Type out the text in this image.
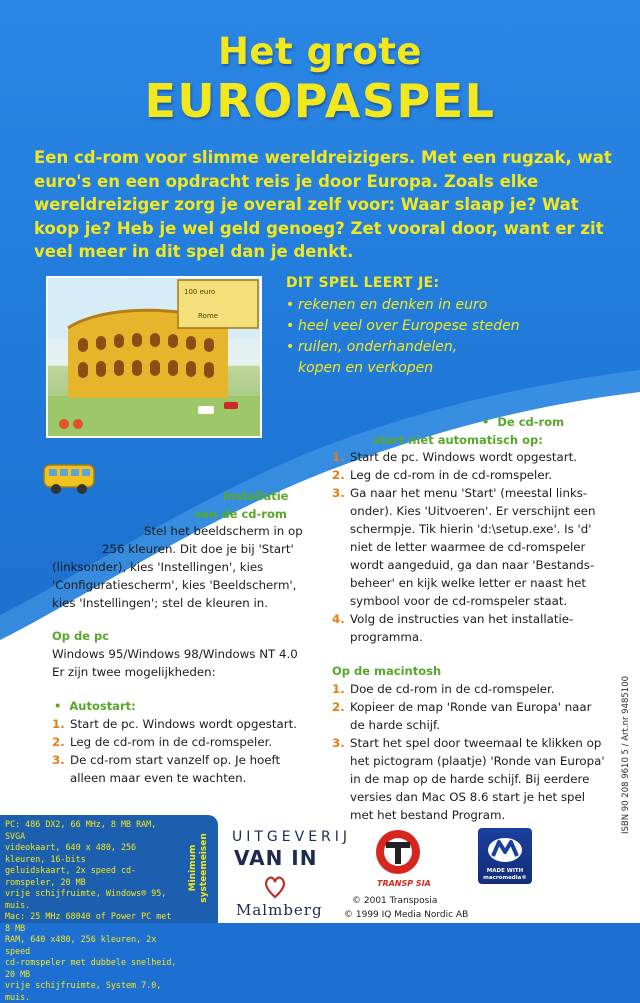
Het grote
EUROPASPEL
Een cd-rom voor slimme wereldreizigers. Met een rugzak, wat euro's en een opdracht reis je door Europa. Zoals elke wereldreiziger zorg je overal zelf voor: Waar slaap je? Wat koop je? Heb je wel geld genoeg? Zet vooral door, want er zit veel meer in dit spel dan je denkt.
100 euro
Rome
DIT SPEL LEERT JE:
• rekenen en denken in euro
• heel veel over Europese steden
• ruilen, onderhandelen,
kopen en verkopen
Installatie
van de cd-rom
Stel het beeldscherm in op
256 kleuren. Dit doe je bij 'Start'
(linksonder), kies 'Instellingen', kies
'Configuratiescherm', kies 'Beeldscherm',
kies 'Instellingen'; stel de kleuren in.
Op de pc
Windows 95/Windows 98/Windows NT 4.0
Er zijn twee mogelijkheden:
•  Autostart:
1. Start de pc. Windows wordt opgestart.
2. Leg de cd-rom in de cd-romspeler.
3. De cd-rom start vanzelf op. Je hoeft
alleen maar even te wachten.
•  De cd-rom
start niet automatisch op:
1. Start de pc. Windows wordt opgestart.
2. Leg de cd-rom in de cd-romspeler.
3. Ga naar het menu 'Start' (meestal links-
onder). Kies 'Uitvoeren'. Er verschijnt een
schermpje. Tik hierin 'd:\setup.exe'. Is 'd'
niet de letter waarmee de cd-romspeler
wordt aangeduid, ga dan naar 'Bestands-
beheer' en kijk welke letter er naast het
symbool voor de cd-romspeler staat.
4. Volg de instructies van het installatie-
programma.
Op de macintosh
1. Doe de cd-rom in de cd-romspeler.
2. Kopieer de map 'Ronde van Europa' naar
de harde schijf.
3. Start het spel door tweemaal te klikken op
het pictogram (plaatje) 'Ronde van Europa'
in de map op de harde schijf. Bij eerdere
versies dan Mac OS 8.6 start je het spel
met het bestand Program.
PC: 486 DX2, 66 MHz, 8 MB RAM, SVGA
videokaart, 640 x 480, 256 kleuren, 16-bits
geluidskaart, 2x speed cd-romspeler, 20 MB
vrije schijfruimte, Windows® 95, muis.
Mac: 25 MHz 68040 of Power PC met 8 MB
RAM, 640 x480, 256 kleuren, 2x speed
cd-romspeler met dubbele snelheid, 20 MB
vrije schijfruimte, System 7.0, muis.
Minimum systeemeisen UITGEVERIJ
VAN IN
Malmberg
TRANSP SIA
© 2001 Transposia
© 1999 IQ Media Nordic AB
MADE WITH
macromedia®
ISBN 90 208 9610 5 / Art.nr 9485100
